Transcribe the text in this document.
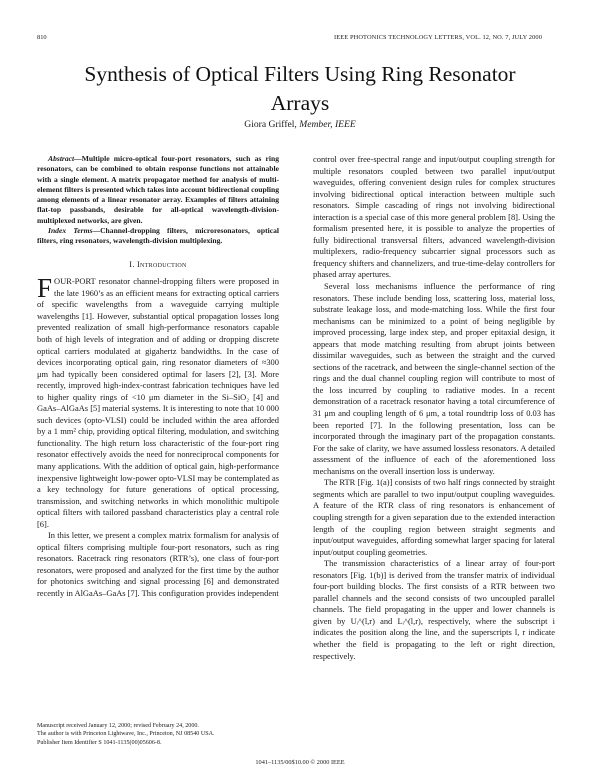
810	IEEE PHOTONICS TECHNOLOGY LETTERS, VOL. 12, NO. 7, JULY 2000
Synthesis of Optical Filters Using Ring Resonator Arrays
Giora Griffel, Member, IEEE

Abstract—Multiple micro-optical four-port resonators, such as ring resonators, can be combined to obtain response functions not attainable with a single element. A matrix propagator method for analysis of multi-element filters is presented which takes into account bidirectional coupling among elements of a linear resonator array. Examples of filters attaining flat-top passbands, desirable for all-optical wavelength-division-multiplexed networks, are given.

Index Terms—Channel-dropping filters, microresonators, optical filters, ring resonators, wavelength-division multiplexing.

I. Introduction

FOUR-PORT resonator channel-dropping filters were proposed in the late 1960’s as an efficient means for extracting optical carriers of specific wavelengths from a waveguide carrying multiple wavelengths [1]. However, substantial optical propagation losses long prevented realization of small high-performance resonators capable both of high levels of integration and of adding or dropping discrete optical carriers modulated at gigahertz bandwidths. In the case of devices incorporating optical gain, ring resonator diameters of ≈300 μm had typically been considered optimal for lasers [2], [3]. More recently, improved high-index-contrast fabrication techniques have led to higher quality rings of <10 μm diameter in the Si–SiO₂ [4] and GaAs–AlGaAs [5] material systems. It is interesting to note that 10 000 such devices (opto-VLSI) could be included within the area afforded by a 1 mm² chip, providing optical filtering, modulation, and switching functionality. The high return loss characteristic of the four-port ring resonator effectively avoids the need for nonreciprocal components for many applications. With the addition of optical gain, high-performance inexpensive lightweight low-power opto-VLSI may be contemplated as a key technology for future generations of optical processing, transmission, and switching networks in which monolithic multipole optical filters with tailored passband characteristics play a central role [6].

In this letter, we present a complex matrix formalism for analysis of optical filters comprising multiple four-port resonators, such as ring resonators. Racetrack ring resonators (RTR’s), one class of four-port resonators, were proposed and analyzed for the first time by the author for photonics switching and signal processing [6] and demonstrated recently in AlGaAs–GaAs [7]. This configuration provides independent

control over free-spectral range and input/output coupling strength for multiple resonators coupled between two parallel input/output waveguides, offering convenient design rules for complex structures involving bidirectional optical interaction between multiple such resonators. Simple cascading of rings not involving bidirectional interaction is a special case of this more general problem [8]. Using the formalism presented here, it is possible to analyze the properties of fully bidirectional transversal filters, advanced wavelength-division multiplexers, radio-frequency subcarrier signal processors such as frequency shifters and channelizers, and true-time-delay controllers for phased array apertures.

Several loss mechanisms influence the performance of ring resonators. These include bending loss, scattering loss, material loss, substrate leakage loss, and mode-matching loss. While the first four mechanisms can be minimized to a point of being negligible by improved processing, large index step, and proper epitaxial design, it appears that mode matching resulting from abrupt joints between dissimilar waveguides, such as between the straight and the curved sections of the racetrack, and between the single-channel section of the rings and the dual channel coupling region will contribute to most of the loss incurred by coupling to radiative modes. In a recent demonstration of a racetrack resonator having a total circumference of 31 μm and coupling length of 6 μm, a total roundtrip loss of 0.03 has been reported [7]. In the following presentation, loss can be incorporated through the imaginary part of the propagation constants. For the sake of clarity, we have assumed lossless resonators. A detailed assessment of the influence of each of the aforementioned loss mechanisms on the overall insertion loss is underway.

The RTR [Fig. 1(a)] consists of two half rings connected by straight segments which are parallel to two input/output coupling waveguides. A feature of the RTR class of ring resonators is enhancement of coupling strength for a given separation due to the extended interaction length of the coupling region between straight segments and input/output waveguides, affording somewhat larger spacing for lateral input/output coupling geometries.

The transmission characteristics of a linear array of four-port resonators [Fig. 1(b)] is derived from the transfer matrix of individual four-port building blocks. The first consists of a RTR between two parallel channels and the second consists of two uncoupled parallel channels. The field propagating in the upper and lower channels is given by Uᵢ^(l,r) and Lᵢ^(l,r), respectively, where the subscript i indicates the position along the line, and the superscripts l, r indicate whether the field is propagating to the left or right direction, respectively.

Manuscript received January 12, 2000; revised February 24, 2000.
The author is with Princeton Lightwave, Inc., Princeton, NJ 08540 USA.
Publisher Item Identifier S 1041-1135(00)05606-8.
1041–1135/00$10.00 © 2000 IEEE
